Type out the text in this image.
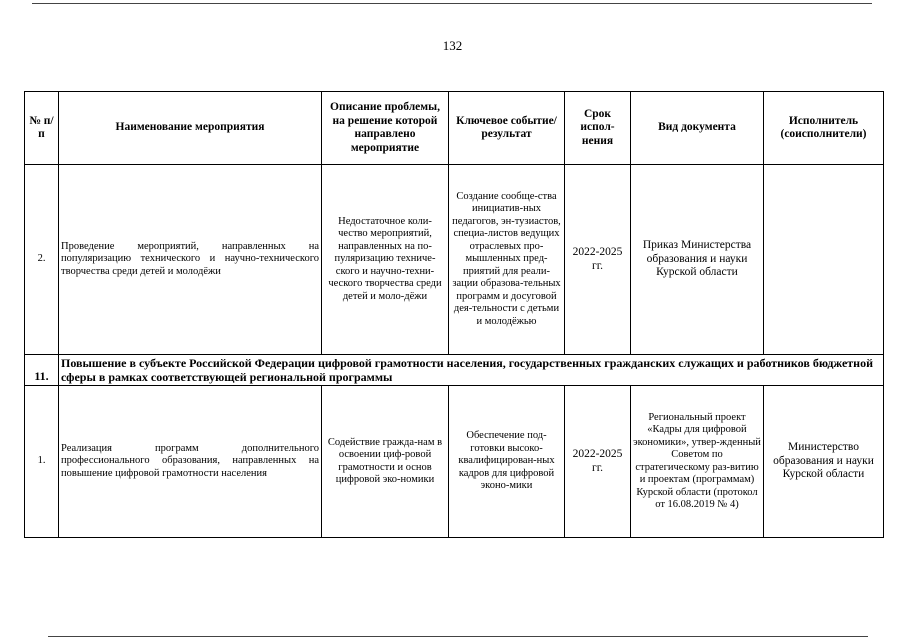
132
№ п/п	Наименование мероприятия	Описание проблемы, на решение которой направлено мероприятие	Ключевое событие/ результат	Срок испол-нения	Вид документа	Исполнитель (соисполнители)
2.	Проведение мероприятий, направленных на популяризацию технического и научно-технического творчества среди детей и молодёжи	Недостаточное коли-чество мероприятий, направленных на по-пуляризацию техниче-ского и научно-техни-ческого творчества среди детей и моло-дёжи	Создание сообще-ства инициатив-ных педагогов, эн-тузиастов, специа-листов ведущих отраслевых про-мышленных пред-приятий для реали-зации образова-тельных программ и досуговой дея-тельности с детьми и молодёжью	2022-2025 гг.	Приказ Министерства образования и науки Курской области	
11.	Повышение в субъекте Российской Федерации цифровой грамотности населения, государственных гражданских служащих и работников бюджетной сферы в рамках соответствующей региональной программы					
1.	Реализация программ дополнительного профессионального образования, направленных на повышение цифровой грамотности населения	Содействие гражда-нам в освоении циф-ровой грамотности и основ цифровой эко-номики	Обеспечение под-готовки высоко-квалифицирован-ных кадров для цифровой эконо-мики	2022-2025 гг.	Региональный проект «Кадры для цифровой экономики», утвер-жденный Советом по стратегическому раз-витию и проектам (программам) Курской области (протокол от 16.08.2019 № 4)	Министерство образования и науки Курской области
